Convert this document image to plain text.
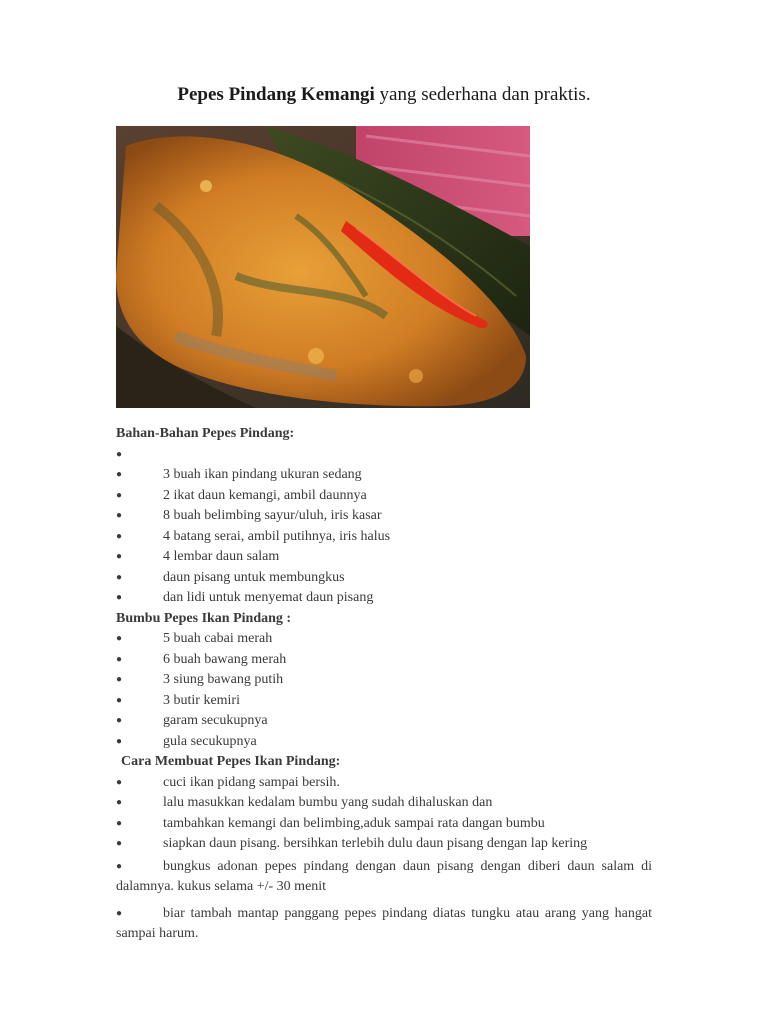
Pepes Pindang Kemangi yang sederhana dan praktis.
Bahan-Bahan Pepes Pindang:
●
●	3 buah ikan pindang ukuran sedang
●	2 ikat daun kemangi, ambil daunnya
●	8 buah belimbing sayur/uluh, iris kasar
●	4 batang serai, ambil putihnya, iris halus
●	4 lembar daun salam
●	daun pisang untuk membungkus
●	dan lidi untuk menyemat daun pisang
Bumbu Pepes Ikan Pindang :
●	5 buah cabai merah
●	6 buah bawang merah
●	3 siung bawang putih
●	3 butir kemiri
●	garam secukupnya
●	gula secukupnya
Cara Membuat Pepes Ikan Pindang:
●	cuci ikan pidang sampai bersih.
●	lalu masukkan kedalam bumbu yang sudah dihaluskan dan
●	tambahkan kemangi dan belimbing,aduk sampai rata dangan bumbu
●	siapkan daun pisang. bersihkan terlebih dulu daun pisang dengan lap kering
●	bungkus adonan pepes pindang dengan daun pisang dengan diberi daun salam di dalamnya. kukus selama +/- 30 menit
●	biar tambah mantap panggang pepes pindang diatas tungku atau arang yang hangat sampai harum.
